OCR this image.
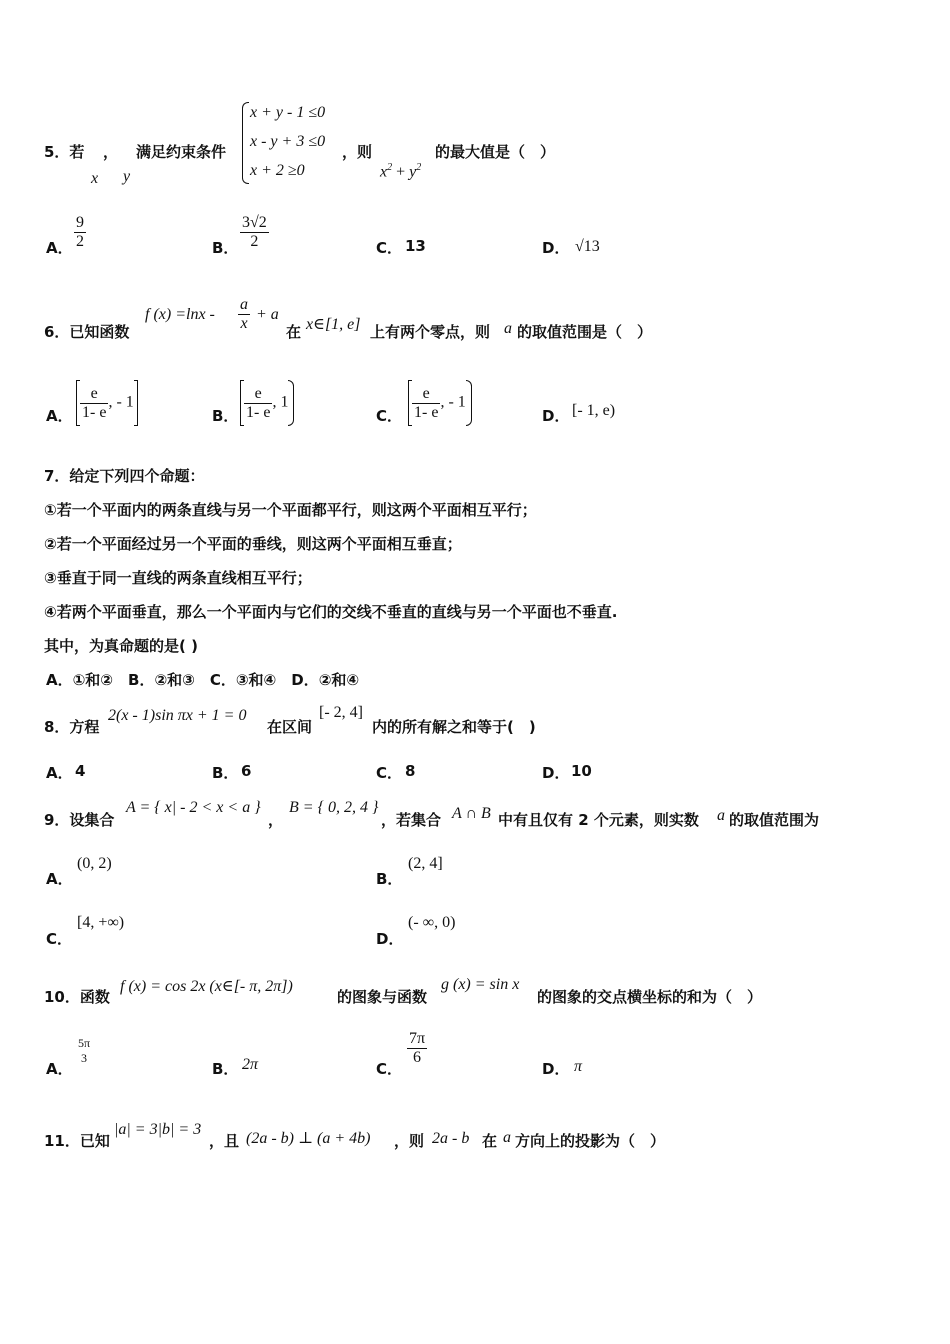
5．若
x
，
y
满足约束条件
x + y - 1 ≤0
x - y + 3 ≤0
x + 2 ≥0
，则
$x^2 + y^2$
的最大值是（　）
A． $\frac{9}{2}$	B． $\frac{3√2}{2}$	C． 13	D． √13
6．已知函数
f $(x) =\ln x - \frac{a}{x} + a$
在 x∈[1, e] 上有两个零点，则 a 的取值范围是（　）
A． $\frac{e}{1- e}$ , - 1
B． $\frac{e}{1- e}$ , 1
C． $\frac{e}{1- e}$ , - 1
D． [- 1, e)
7．给定下列四个命题：
①若一个平面内的两条直线与另一个平面都平行，则这两个平面相互平行；
②若一个平面经过另一个平面的垂线，则这两个平面相互垂直；
③垂直于同一直线的两条直线相互平行；
④若两个平面垂直，那么一个平面内与它们的交线不垂直的直线与另一个平面也不垂直.
其中，为真命题的是( )
A．①和②　B．②和③　C．③和④　D．②和④
8．方程
2(x - 1)sin πx + 1 = 0
在区间
[- 2, 4]
内的所有解之和等于(　)
A． 4	B． 6	C． 8	D． 10
9．设集合
A = { x| - 2 < x < a }
，
B = { 0, 2, 4 }
，若集合 A ∩ B 中有且仅有 2 个元素，则实数 a 的取值范围为
A．
(0, 2)
B．
(2, 4]
C．
[4, +∞)
D．
(- ∞, 0)
10．函数
f (x) = cos 2x (x∈[- π, 2π])
的图象与函数
g (x) = sin x
的图象的交点横坐标的和为（　）
A．
5π
3
B． 2π	C．
$\frac{7\pi}{6}$
D． π
11．已知
|a| = 3|b| = 3
，且 (2a - b) ⊥ (a + 4b) ，则 2a - b 在 a 方向上的投影为（　）
